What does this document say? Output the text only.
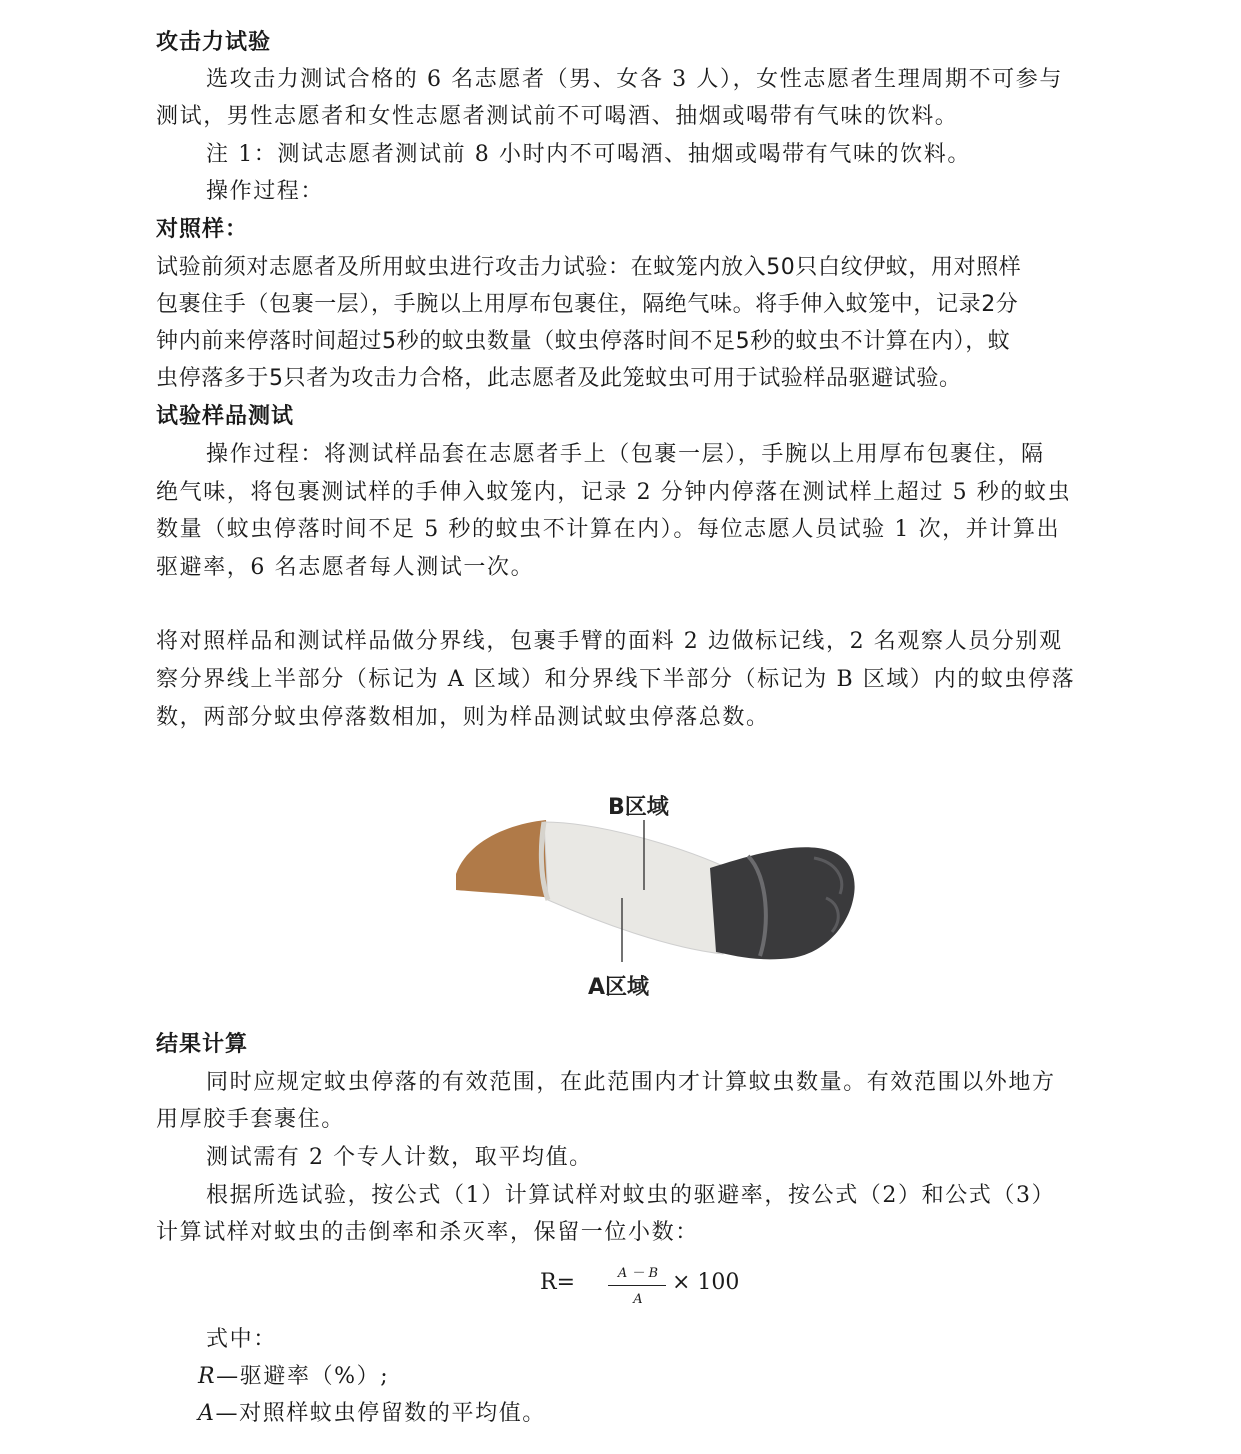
攻击力试验
选攻击力测试合格的 6 名志愿者（男、女各 3 人），女性志愿者生理周期不可参与
测试，男性志愿者和女性志愿者测试前不可喝酒、抽烟或喝带有气味的饮料。
注 1：测试志愿者测试前 8 小时内不可喝酒、抽烟或喝带有气味的饮料。
操作过程：
对照样：
试验前须对志愿者及所用蚊虫进行攻击力试验：在蚊笼内放入50只白纹伊蚊，用对照样
包裹住手（包裹一层），手腕以上用厚布包裹住，隔绝气味。将手伸入蚊笼中，记录2分
钟内前来停落时间超过5秒的蚊虫数量（蚊虫停落时间不足5秒的蚊虫不计算在内），蚊
虫停落多于5只者为攻击力合格，此志愿者及此笼蚊虫可用于试验样品驱避试验。
试验样品测试
操作过程：将测试样品套在志愿者手上（包裹一层），手腕以上用厚布包裹住，隔
绝气味，将包裹测试样的手伸入蚊笼内，记录 2 分钟内停落在测试样上超过 5 秒的蚊虫
数量（蚊虫停落时间不足 5 秒的蚊虫不计算在内）。每位志愿人员试验 1 次，并计算出
驱避率，6 名志愿者每人测试一次。
将对照样品和测试样品做分界线，包裹手臂的面料 2 边做标记线，2 名观察人员分别观
察分界线上半部分（标记为 A 区域）和分界线下半部分（标记为 B 区域）内的蚊虫停落
数，两部分蚊虫停落数相加，则为样品测试蚊虫停落总数。
结果计算
同时应规定蚊虫停落的有效范围，在此范围内才计算蚊虫数量。有效范围以外地方
用厚胶手套裹住。
测试需有 2 个专人计数，取平均值。
根据所选试验，按公式（1）计算试样对蚊虫的驱避率，按公式（2）和公式（3）
计算试样对蚊虫的击倒率和杀灭率，保留一位小数：
式中：
R—驱避率（%）;
A—对照样蚊虫停留数的平均值。
B区域
A区域
R=	A － B
A
× 100
